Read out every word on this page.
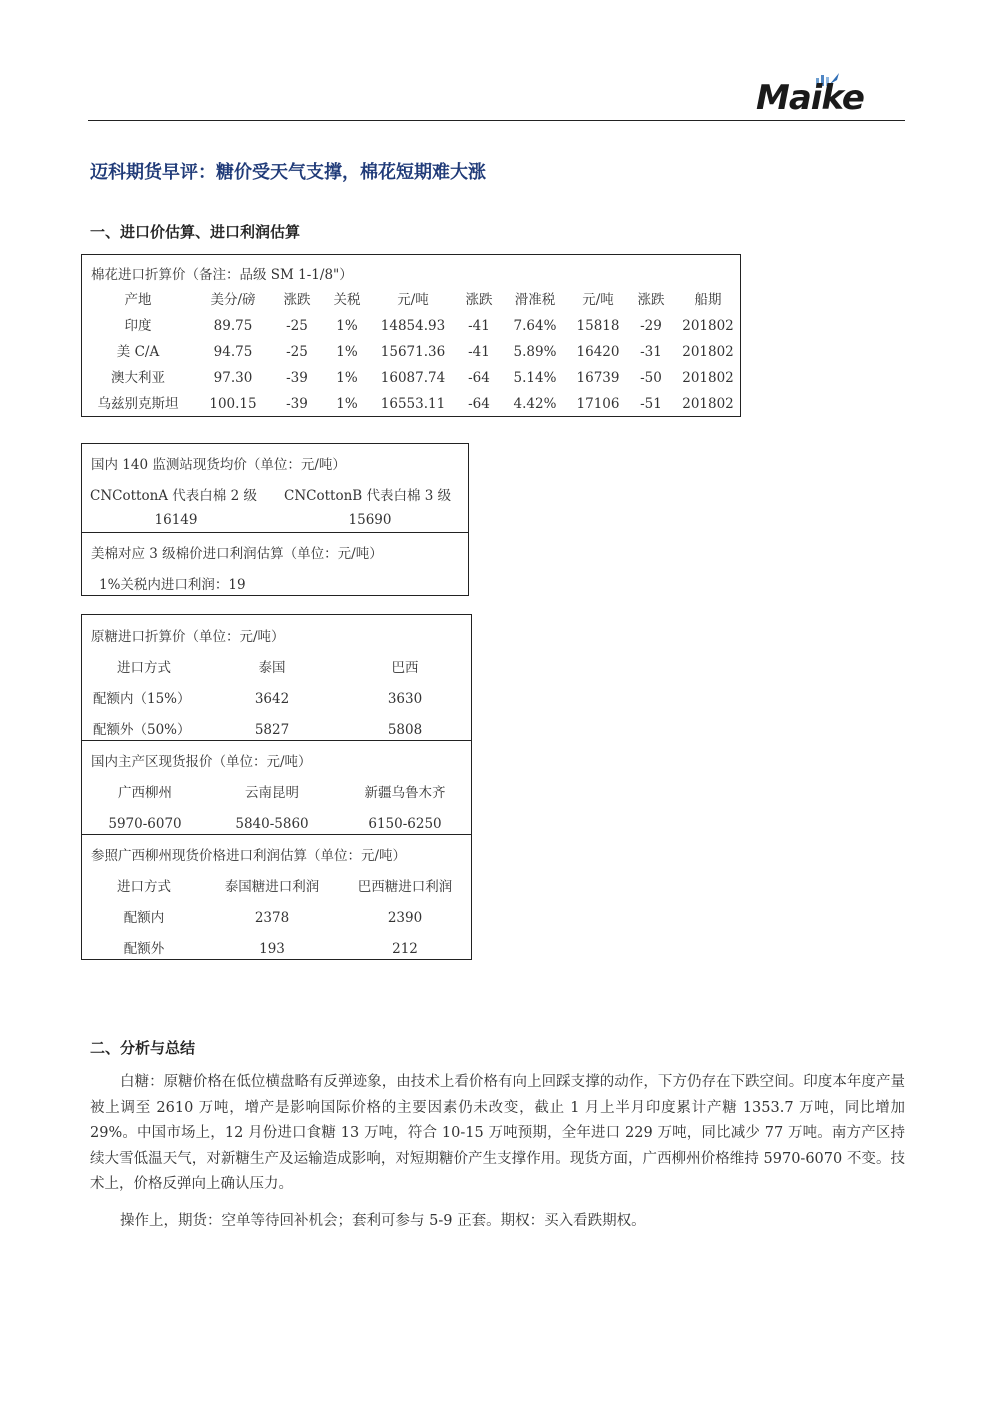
Maike
迈科期货早评：糖价受天气支撑，棉花短期难大涨
一、进口价估算、进口利润估算
棉花进口折算价（备注：品级 SM 1-1/8"）
产地	美分/磅 涨跌 关税	元/吨	涨跌 滑准税 元/吨 涨跌 船期
印度	89.75	-25 1% 14854.93 -41 7.64% 15818 -29 201802
美 C/A	94.75	-25 1% 15671.36 -41 5.89% 16420 -31 201802
澳大利亚	97.30	-39 1% 16087.74 -64 5.14% 16739 -50 201802
乌兹别克斯坦 100.15 -39 1% 16553.11 -64 4.42% 17106 -51 201802
国内 140 监测站现货均价（单位：元/吨）
CNCottonA 代表白棉 2 级 CNCottonB 代表白棉 3 级
16149	15690
美棉对应 3 级棉价进口利润估算（单位：元/吨）
1%关税内进口利润：19
原糖进口折算价（单位：元/吨）
进口方式	泰国	巴西
配额内（15%）	3642	3630
配额外（50%）	5827	5808
国内主产区现货报价（单位：元/吨）
广西柳州	云南昆明	新疆乌鲁木齐
5970-6070	5840-5860	6150-6250
参照广西柳州现货价格进口利润估算（单位：元/吨）
进口方式	泰国糖进口利润	巴西糖进口利润
配额内	2378	2390
配额外	193	212
二、分析与总结
白糖：原糖价格在低位横盘略有反弹迹象，由技术上看价格有向上回踩支撑的动作，下方仍存在下跌空间。印度本年度产量被上调至 2610 万吨，增产是影响国际价格的主要因素仍未改变，截止 1 月上半月印度累计产糖 1353.7 万吨，同比增加 29%。中国市场上，12 月份进口食糖 13 万吨，符合 10-15 万吨预期，全年进口 229 万吨，同比减少 77 万吨。南方产区持续大雪低温天气，对新糖生产及运输造成影响，对短期糖价产生支撑作用。现货方面，广西柳州价格维持 5970-6070 不变。技术上，价格反弹向上确认压力。
操作上，期货：空单等待回补机会；套利可参与 5-9 正套。期权：买入看跌期权。
